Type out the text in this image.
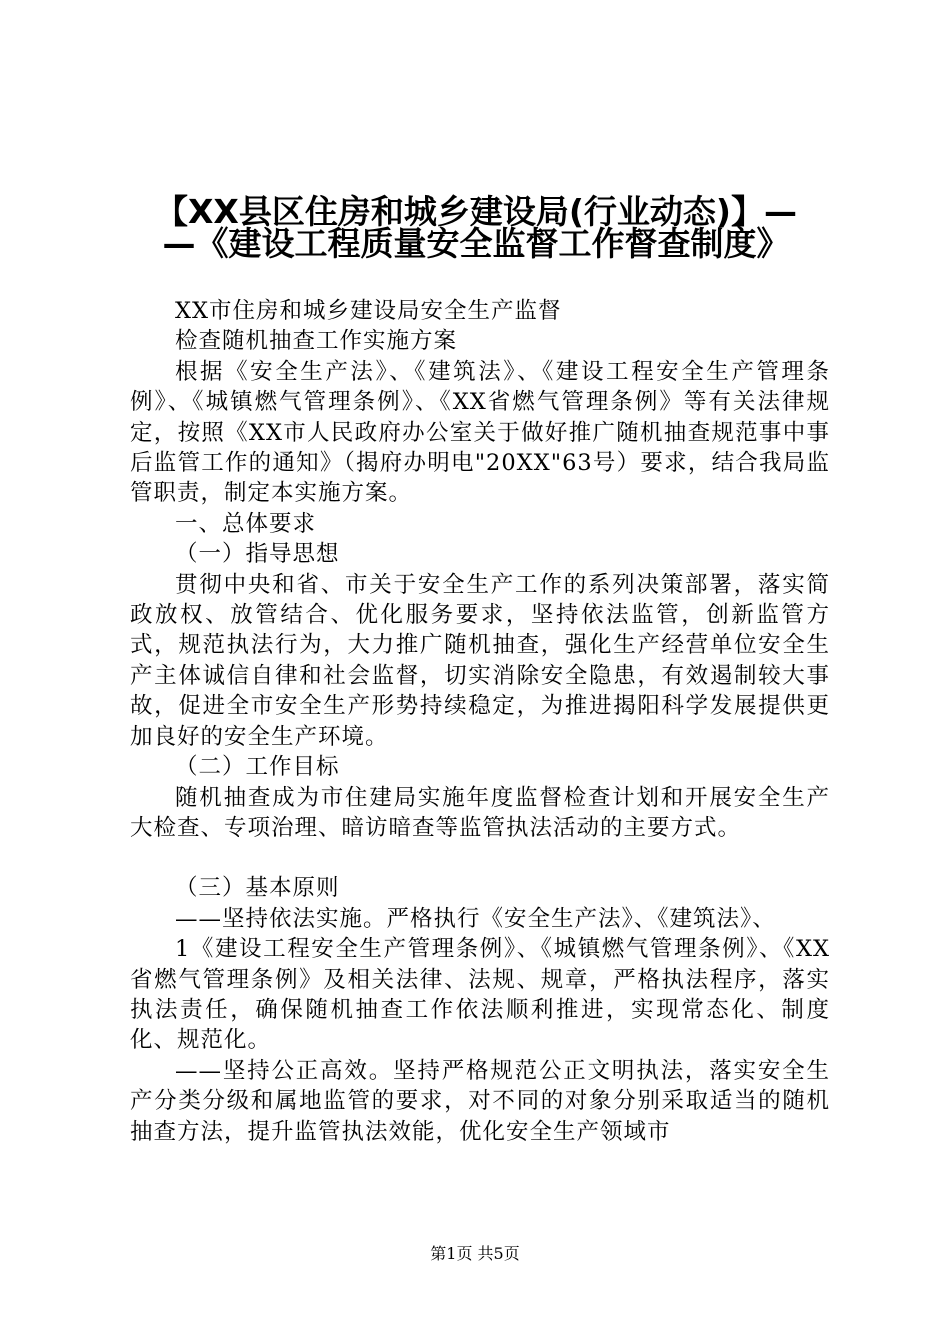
【XX县区住房和城乡建设局(行业动态)】—
—《建设工程质量安全监督工作督查制度》

XX市住房和城乡建设局安全生产监督

检查随机抽查工作实施方案

根据《安全生产法》、《建筑法》、《建设工程安全生产管理条例》、《城镇燃气管理条例》、《XX省燃气管理条例》等有关法律规定，按照《XX市人民政府办公室关于做好推广随机抽查规范事中事后监管工作的通知》（揭府办明电"20XX"63号）要求，结合我局监管职责，制定本实施方案。

一、总体要求

（一）指导思想

贯彻中央和省、市关于安全生产工作的系列决策部署，落实简政放权、放管结合、优化服务要求，坚持依法监管，创新监管方式，规范执法行为，大力推广随机抽查，强化生产经营单位安全生产主体诚信自律和社会监督，切实消除安全隐患，有效遏制较大事故，促进全市安全生产形势持续稳定，为推进揭阳科学发展提供更加良好的安全生产环境。

（二）工作目标

随机抽查成为市住建局实施年度监督检查计划和开展安全生产大检查、专项治理、暗访暗查等监管执法活动的主要方式。

（三）基本原则

——坚持依法实施。严格执行《安全生产法》、《建筑法》、

1《建设工程安全生产管理条例》、《城镇燃气管理条例》、《XX省燃气管理条例》及相关法律、法规、规章，严格执法程序，落实执法责任，确保随机抽查工作依法顺利推进，实现常态化、制度化、规范化。

——坚持公正高效。坚持严格规范公正文明执法，落实安全生产分类分级和属地监管的要求，对不同的对象分别采取适当的随机抽查方法，提升监管执法效能，优化安全生产领域市

第1页 共5页
